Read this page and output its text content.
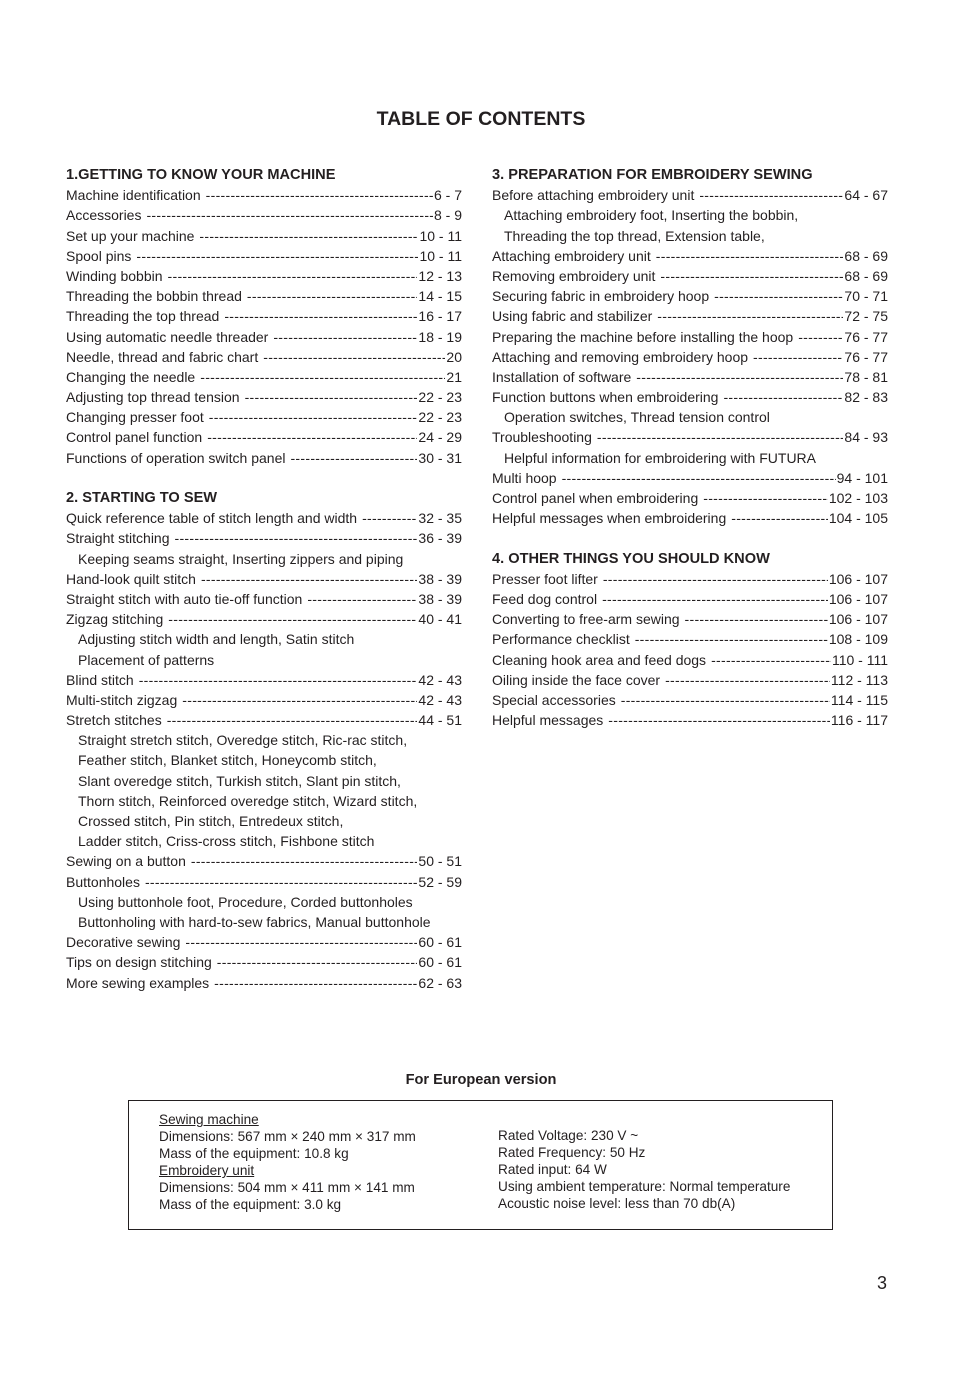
TABLE OF CONTENTS
1.GETTING TO KNOW YOUR MACHINE
Machine identification -----	6 - 7
Accessories -----	8 - 9
Set up your machine -----	10 - 11
Spool pins -----	10 - 11
Winding bobbin -----	12 - 13
Threading the bobbin thread -----	14 - 15
Threading the top thread -----	16 - 17
Using automatic needle threader -----	18 - 19
Needle, thread and fabric chart -----	20
Changing the needle -----	21
Adjusting top thread tension -----	22 - 23
Changing presser foot -----	22 - 23
Control panel function -----	24 - 29
Functions of operation switch panel -----	30 - 31
2. STARTING TO SEW
Quick reference table of stitch length and width -----	32 - 35
Straight stitching -----	36 - 39
Keeping seams straight, Inserting zippers and piping
Hand-look quilt stitch -----	38 - 39
Straight stitch with auto tie-off function -----	38 - 39
Zigzag stitching -----	40 - 41
Adjusting stitch width and length, Satin stitch
Placement of patterns
Blind stitch -----	42 - 43
Multi-stitch zigzag -----	42 - 43
Stretch stitches -----	44 - 51
Straight stretch stitch, Overedge stitch, Ric-rac stitch,
Feather stitch, Blanket stitch, Honeycomb stitch,
Slant overedge stitch, Turkish stitch, Slant pin stitch,
Thorn stitch, Reinforced overedge stitch, Wizard stitch,
Crossed stitch, Pin stitch, Entredeux stitch,
Ladder stitch, Criss-cross stitch, Fishbone stitch
Sewing on a button -----	50 - 51
Buttonholes -----	52 - 59
Using buttonhole foot, Procedure, Corded buttonholes
Buttonholing with hard-to-sew fabrics, Manual buttonhole
Decorative sewing -----	60 - 61
Tips on design stitching -----	60 - 61
More sewing examples -----	62 - 63
3. PREPARATION FOR EMBROIDERY SEWING
Before attaching embroidery unit -----	64 - 67
Attaching embroidery foot, Inserting the bobbin,
Threading the top thread, Extension table,
Attaching embroidery unit -----	68 - 69
Removing embroidery unit -----	68 - 69
Securing fabric in embroidery hoop -----	70 - 71
Using fabric and stabilizer -----	72 - 75
Preparing the machine before installing the hoop -----	76 - 77
Attaching and removing embroidery hoop -----	76 - 77
Installation of software -----	78 - 81
Function buttons when embroidering -----	82 - 83
Operation switches, Thread tension control
Troubleshooting -----	84 - 93
Helpful information for embroidering with FUTURA
Multi hoop -----	94 - 101
Control panel when embroidering -----	102 - 103
Helpful messages when embroidering -----	104 - 105
4. OTHER THINGS YOU SHOULD KNOW
Presser foot lifter -----	106 - 107
Feed dog control -----	106 - 107
Converting to free-arm sewing -----	106 - 107
Performance checklist -----	108 - 109
Cleaning hook area and feed dogs -----	110 - 111
Oiling inside the face cover -----	112 - 113
Special accessories -----	114 - 115
Helpful messages -----	116 - 117
For European version
Sewing machine
Dimensions: 567 mm × 240 mm × 317 mm
Mass of the equipment: 10.8 kg
Embroidery unit
Dimensions: 504 mm × 411 mm × 141 mm
Mass of the equipment: 3.0 kg
Rated Voltage: 230 V ~
Rated Frequency: 50 Hz
Rated input: 64 W
Using ambient temperature: Normal temperature
Acoustic noise level: less than 70 db(A)
3
